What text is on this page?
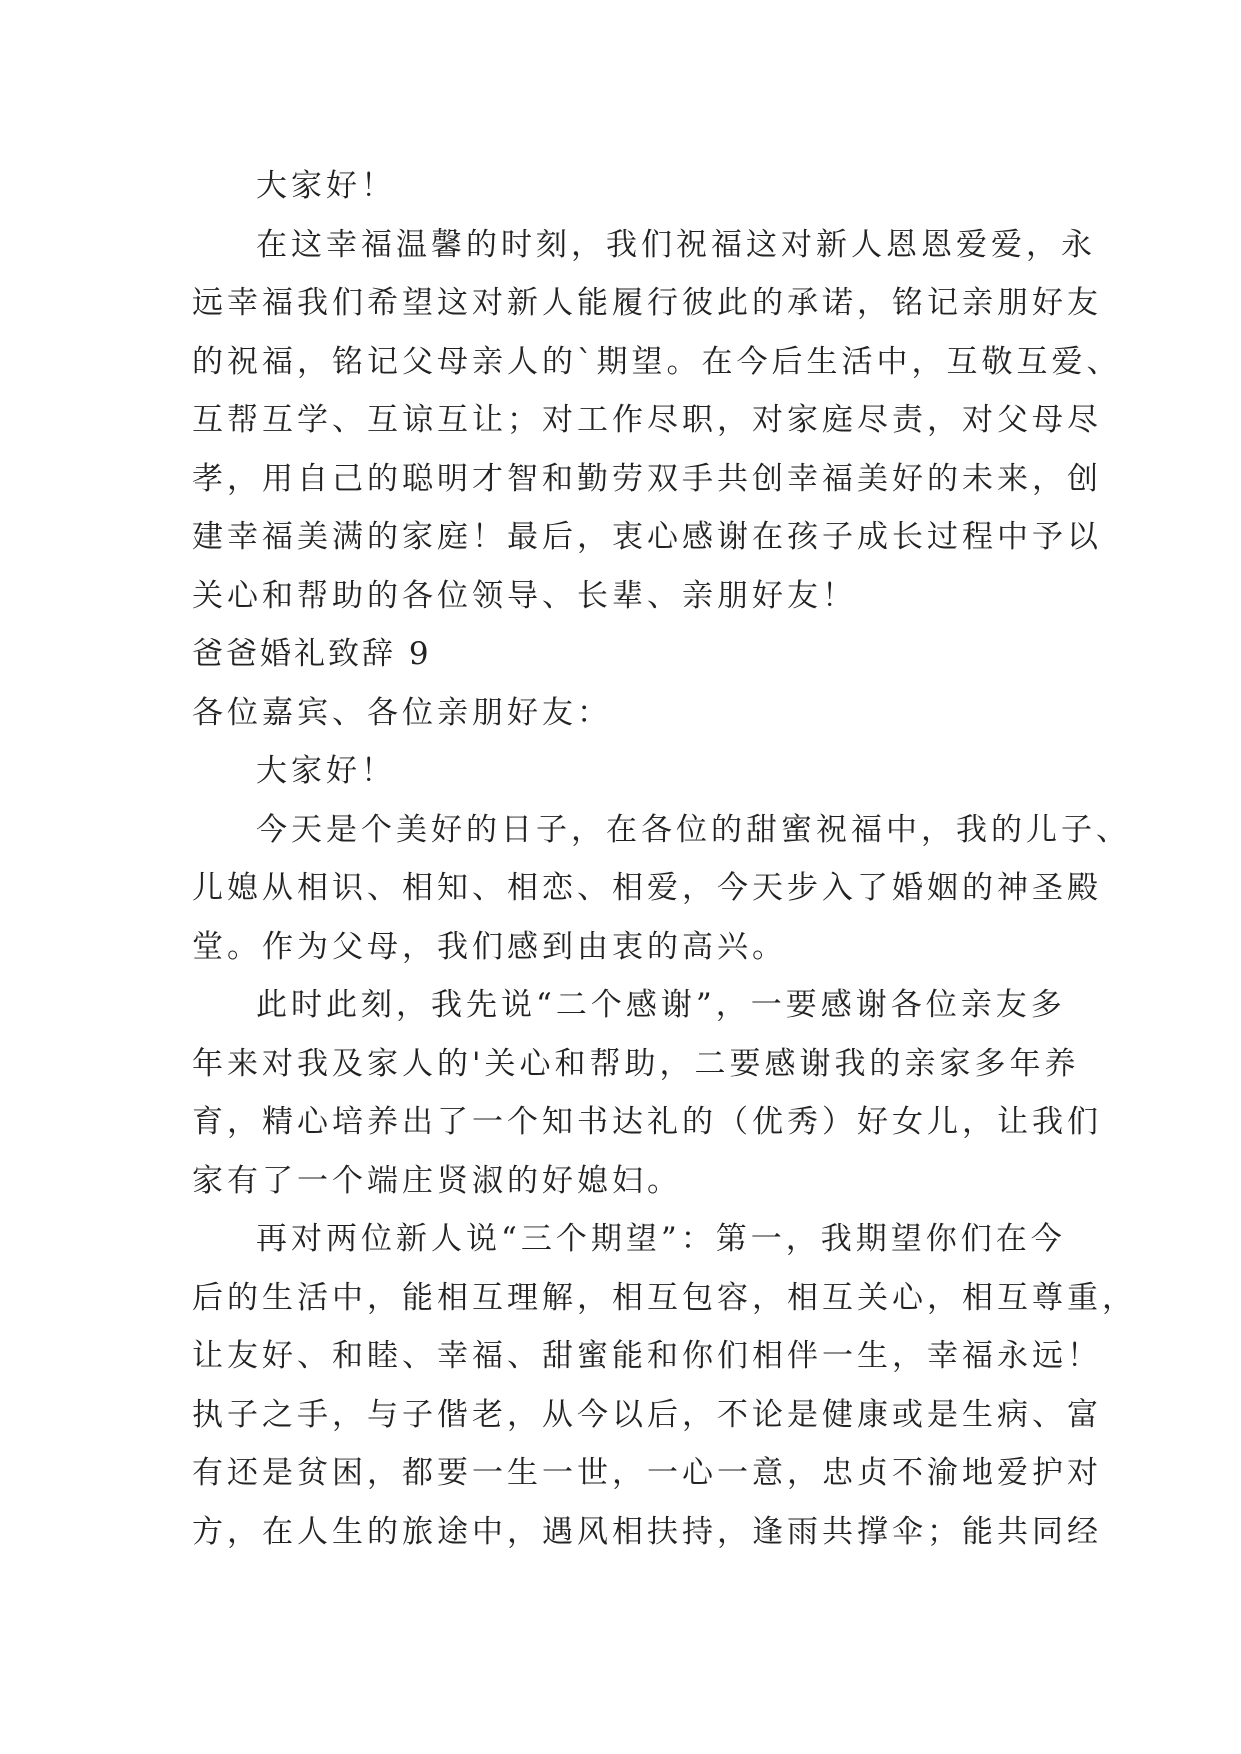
大家好！
在这幸福温馨的时刻，我们祝福这对新人恩恩爱爱，永
远幸福我们希望这对新人能履行彼此的承诺，铭记亲朋好友
的祝福，铭记父母亲人的`期望。在今后生活中，互敬互爱、
互帮互学、互谅互让；对工作尽职，对家庭尽责，对父母尽
孝，用自己的聪明才智和勤劳双手共创幸福美好的未来，创
建幸福美满的家庭！最后，衷心感谢在孩子成长过程中予以
关心和帮助的各位领导、长辈、亲朋好友！
爸爸婚礼致辞 9
各位嘉宾、各位亲朋好友：
大家好！
今天是个美好的日子，在各位的甜蜜祝福中，我的儿子、
儿媳从相识、相知、相恋、相爱，今天步入了婚姻的神圣殿
堂。作为父母，我们感到由衷的高兴。
此时此刻，我先说“二个感谢”，一要感谢各位亲友多
年来对我及家人的'关心和帮助，二要感谢我的亲家多年养
育，精心培养出了一个知书达礼的（优秀）好女儿，让我们
家有了一个端庄贤淑的好媳妇。
再对两位新人说“三个期望”：第一，我期望你们在今
后的生活中，能相互理解，相互包容，相互关心，相互尊重，
让友好、和睦、幸福、甜蜜能和你们相伴一生，幸福永远！
执子之手，与子偕老，从今以后，不论是健康或是生病、富
有还是贫困，都要一生一世，一心一意，忠贞不渝地爱护对
方，在人生的旅途中，遇风相扶持，逢雨共撑伞；能共同经
